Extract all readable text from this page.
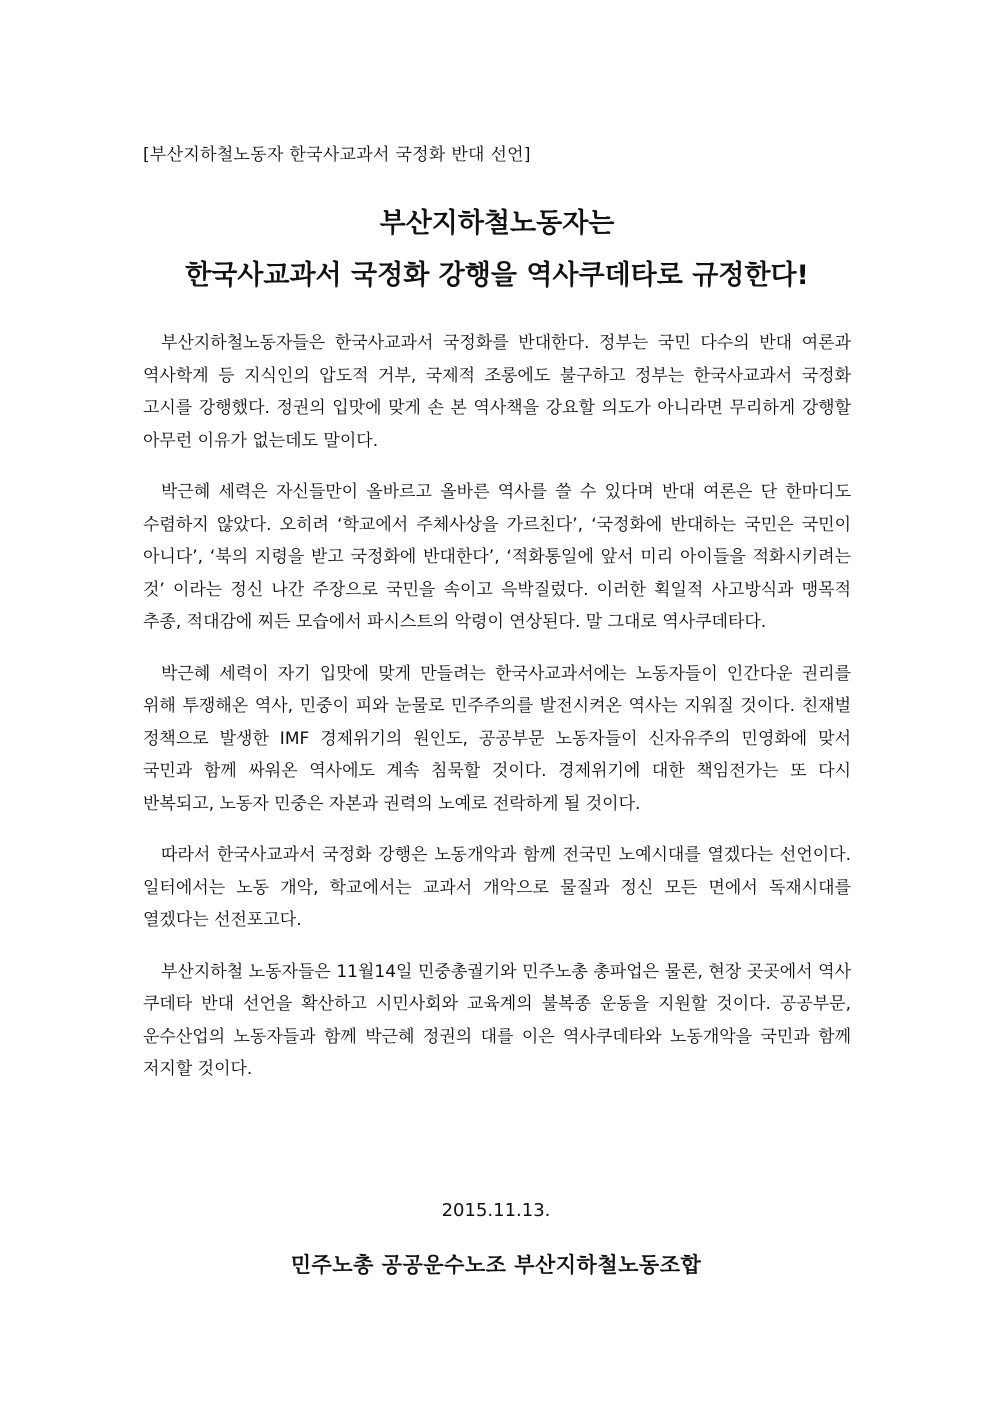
[부산지하철노동자 한국사교과서 국정화 반대 선언]
부산지하철노동자는
한국사교과서 국정화 강행을 역사쿠데타로 규정한다!

부산지하철노동자들은 한국사교과서 국정화를 반대한다. 정부는 국민 다수의 반대 여론과 역사학계 등 지식인의 압도적 거부, 국제적 조롱에도 불구하고 정부는 한국사교과서 국정화 고시를 강행했다. 정권의 입맛에 맞게 손 본 역사책을 강요할 의도가 아니라면 무리하게 강행할 아무런 이유가 없는데도 말이다.

박근혜 세력은 자신들만이 올바르고 올바른 역사를 쓸 수 있다며 반대 여론은 단 한마디도 수렴하지 않았다. 오히려 ‘학교에서 주체사상을 가르친다’, ‘국정화에 반대하는 국민은 국민이 아니다’, ‘북의 지령을 받고 국정화에 반대한다’, ‘적화통일에 앞서 미리 아이들을 적화시키려는 것’ 이라는 정신 나간 주장으로 국민을 속이고 윽박질렀다. 이러한 획일적 사고방식과 맹목적 추종, 적대감에 찌든 모습에서 파시스트의 악령이 연상된다. 말 그대로 역사쿠데타다.

박근혜 세력이 자기 입맛에 맞게 만들려는 한국사교과서에는 노동자들이 인간다운 권리를 위해 투쟁해온 역사, 민중이 피와 눈물로 민주주의를 발전시켜온 역사는 지워질 것이다. 친재벌 정책으로 발생한 IMF 경제위기의 원인도, 공공부문 노동자들이 신자유주의 민영화에 맞서 국민과 함께 싸워온 역사에도 계속 침묵할 것이다. 경제위기에 대한 책임전가는 또 다시 반복되고, 노동자 민중은 자본과 권력의 노예로 전락하게 될 것이다.

따라서 한국사교과서 국정화 강행은 노동개악과 함께 전국민 노예시대를 열겠다는 선언이다. 일터에서는 노동 개악, 학교에서는 교과서 개악으로 물질과 정신 모든 면에서 독재시대를 열겠다는 선전포고다.

부산지하철 노동자들은 11월14일 민중총궐기와 민주노총 총파업은 물론, 현장 곳곳에서 역사 쿠데타 반대 선언을 확산하고 시민사회와 교육계의 불복종 운동을 지원할 것이다. 공공부문, 운수산업의 노동자들과 함께 박근혜 정권의 대를 이은 역사쿠데타와 노동개악을 국민과 함께 저지할 것이다.

2015.11.13.
민주노총 공공운수노조 부산지하철노동조합
